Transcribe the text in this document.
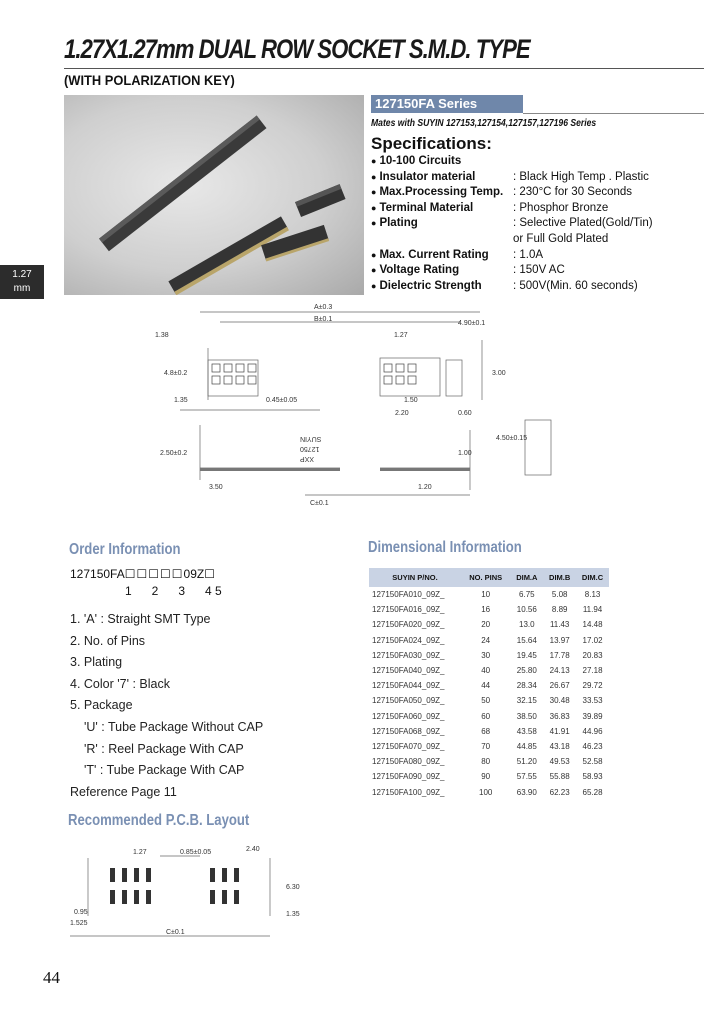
1.27X1.27mm DUAL ROW SOCKET S.M.D. TYPE
(WITH POLARIZATION KEY)
1.27
mm
127150FA Series
Mates with SUYIN 127153,127154,127157,127196 Series
Specifications:
● 10-100 Circuits
● Insulator material	: Black High Temp . Plastic
● Max.Processing Temp. : 230°C for 30 Seconds
● Terminal Material	: Phosphor Bronze
● Plating	: Selective Plated(Gold/Tin)
or Full Gold Plated
● Max. Current Rating : 1.0A
● Voltage Rating	: 150V AC
● Dielectric Strength	: 500V(Min. 60 seconds)
A±0.3
B±0.1
1.38
1.35	0.45±0.05
1.27
1.50
2.20	0.60
4.90±0.1
3.00
4.8±0.2
1.00
3.50	1.20
2.50±0.2
4.50±0.15
C±0.1
SUYIN
12750
XXP
Order Information
127150FA☐☐☐☐☐09Z☐
1      2      3      4 5
1. 'A' : Straight SMT Type
2. No. of Pins
3. Plating
4. Color '7' : Black
5. Package
'U' : Tube Package Without CAP
'R' : Reel Package With CAP
'T' : Tube Package With CAP
Reference Page 11
Dimensional Information
SUYIN P/NO.	NO. PINS	DIM.A	DIM.B	DIM.C
127150FA010_09Z_	10	6.75	5.08	8.13
127150FA016_09Z_	16	10.56	8.89	11.94
127150FA020_09Z_	20	13.0	11.43	14.48
127150FA024_09Z_	24	15.64	13.97	17.02
127150FA030_09Z_	30	19.45	17.78	20.83
127150FA040_09Z_	40	25.80	24.13	27.18
127150FA044_09Z_	44	28.34	26.67	29.72
127150FA050_09Z_	50	32.15	30.48	33.53
127150FA060_09Z_	60	38.50	36.83	39.89
127150FA068_09Z_	68	43.58	41.91	44.96
127150FA070_09Z_	70	44.85	43.18	46.23
127150FA080_09Z_	80	51.20	49.53	52.58
127150FA090_09Z_	90	57.55	55.88	58.93
127150FA100_09Z_	100	63.90	62.23	65.28
Recommended P.C.B. Layout
1.27	0.85±0.05	2.40
6.30
1.35
0.95
1.525
C±0.1
44
